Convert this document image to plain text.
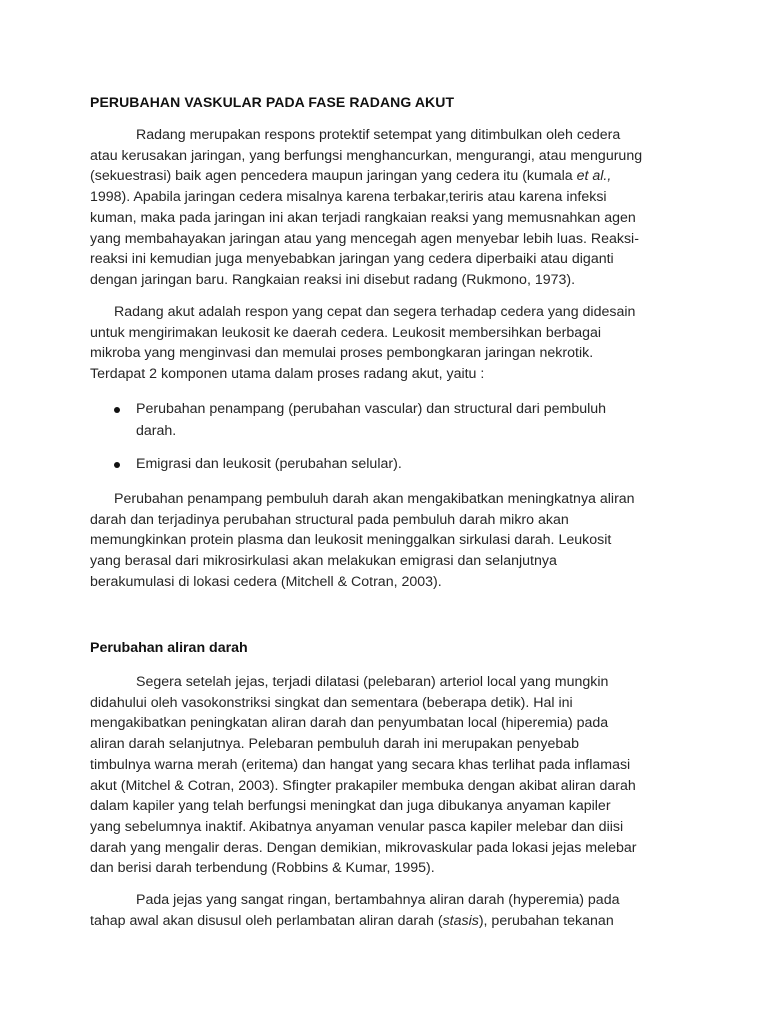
PERUBAHAN VASKULAR PADA FASE RADANG AKUT

Radang merupakan respons protektif setempat yang ditimbulkan oleh cedera
atau kerusakan jaringan, yang berfungsi menghancurkan, mengurangi, atau mengurung
(sekuestrasi) baik agen pencedera maupun jaringan yang cedera itu (kumala et al.,
1998). Apabila jaringan cedera misalnya karena terbakar,teriris atau karena infeksi
kuman, maka pada jaringan ini akan terjadi rangkaian reaksi yang memusnahkan agen
yang membahayakan jaringan atau yang mencegah agen menyebar lebih luas. Reaksi-
reaksi ini kemudian juga menyebabkan jaringan yang cedera diperbaiki atau diganti
dengan jaringan baru. Rangkaian reaksi ini disebut radang (Rukmono, 1973).

Radang akut adalah respon yang cepat dan segera terhadap cedera yang didesain
untuk mengirimakan leukosit ke daerah cedera. Leukosit membersihkan berbagai
mikroba yang menginvasi dan memulai proses pembongkaran jaringan nekrotik.
Terdapat 2 komponen utama dalam proses radang akut, yaitu :

Perubahan penampang (perubahan vascular) dan structural dari pembuluh
darah.
Emigrasi dan leukosit (perubahan selular).

Perubahan penampang pembuluh darah akan mengakibatkan meningkatnya aliran
darah dan terjadinya perubahan structural pada pembuluh darah mikro akan
memungkinkan protein plasma dan leukosit meninggalkan sirkulasi darah. Leukosit
yang berasal dari mikrosirkulasi akan melakukan emigrasi dan selanjutnya
berakumulasi di lokasi cedera (Mitchell & Cotran, 2003).

Perubahan aliran darah

Segera setelah jejas, terjadi dilatasi (pelebaran) arteriol local yang mungkin
didahului oleh vasokonstriksi singkat dan sementara (beberapa detik). Hal ini
mengakibatkan peningkatan aliran darah dan penyumbatan local (hiperemia) pada
aliran darah selanjutnya. Pelebaran pembuluh darah ini merupakan penyebab
timbulnya warna merah (eritema) dan hangat yang secara khas terlihat pada inflamasi
akut (Mitchel & Cotran, 2003). Sfingter prakapiler membuka dengan akibat aliran darah
dalam kapiler yang telah berfungsi meningkat dan juga dibukanya anyaman kapiler
yang sebelumnya inaktif. Akibatnya anyaman venular pasca kapiler melebar dan diisi
darah yang mengalir deras. Dengan demikian, mikrovaskular pada lokasi jejas melebar
dan berisi darah terbendung (Robbins & Kumar, 1995).

Pada jejas yang sangat ringan, bertambahnya aliran darah (hyperemia) pada
tahap awal akan disusul oleh perlambatan aliran darah (stasis), perubahan tekanan
